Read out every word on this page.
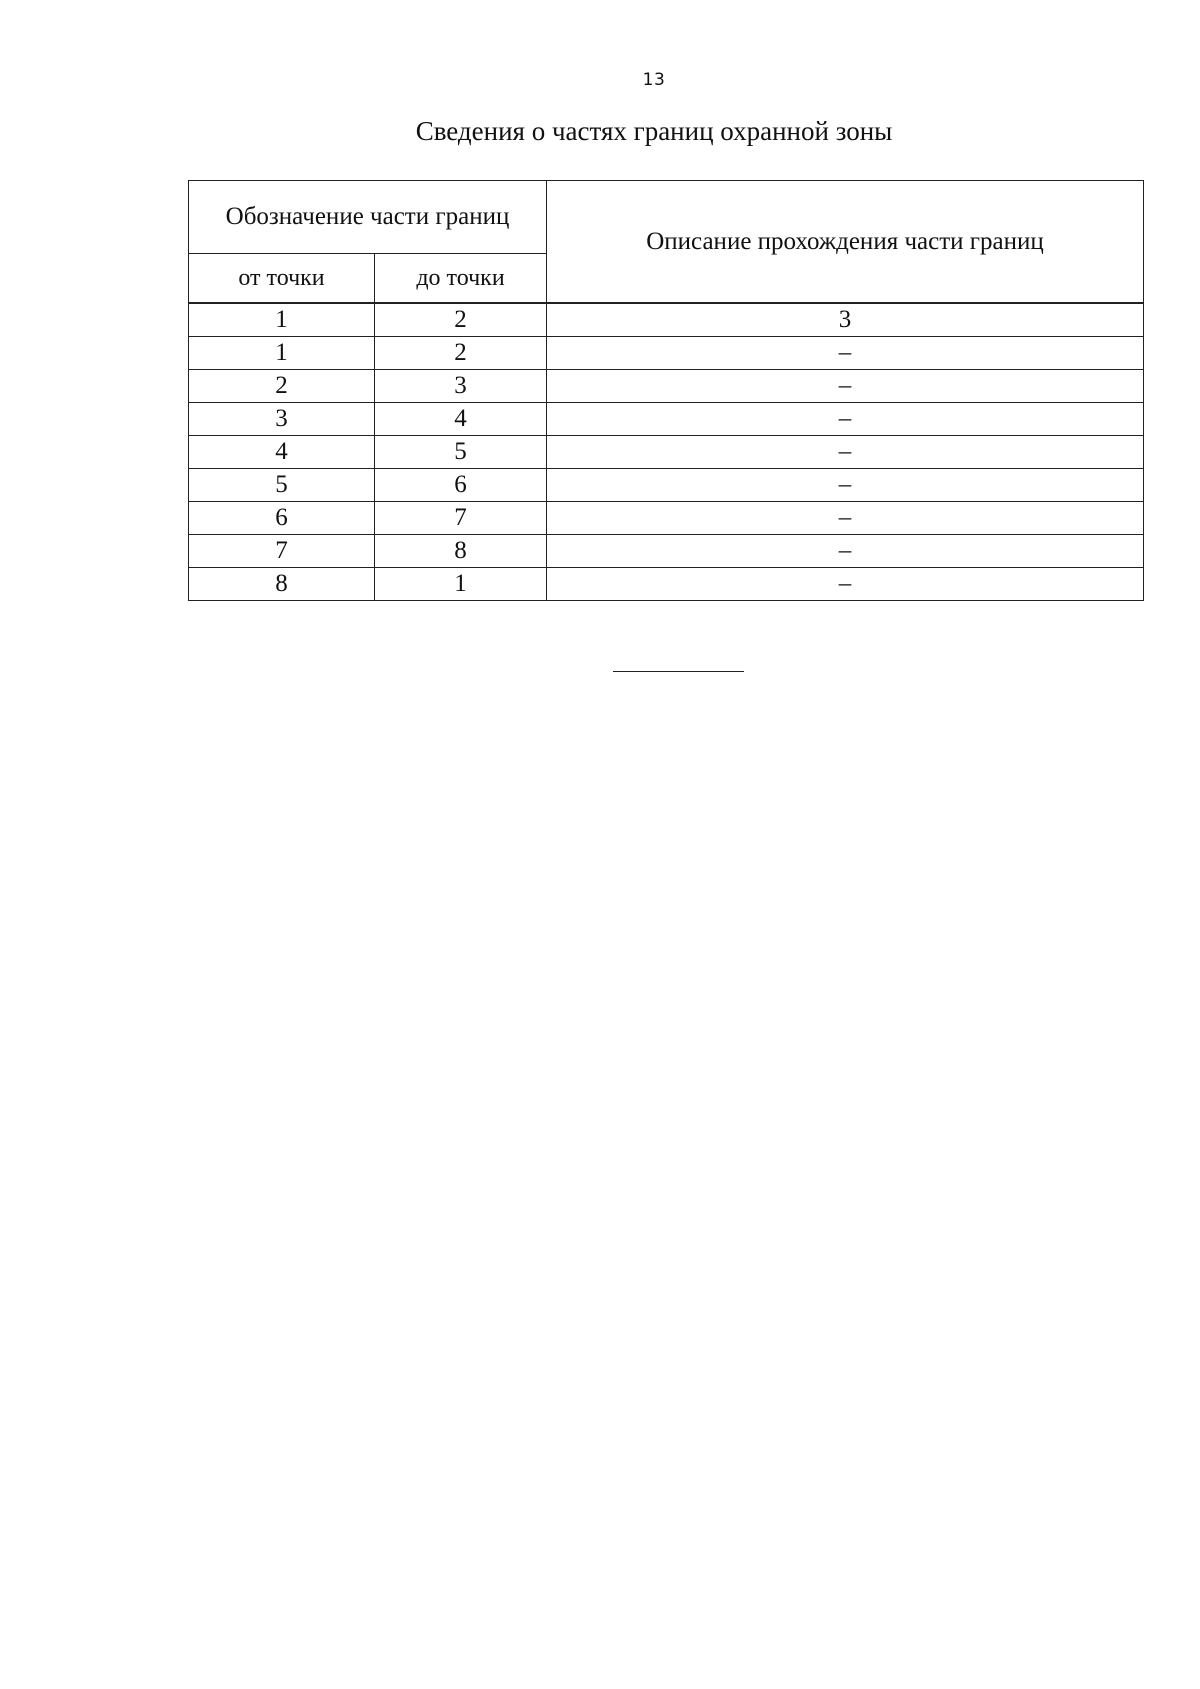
13
Сведения о частях границ охранной зоны
Обозначение части границ		Описание прохождения части границ
от точки	до точки	

1	2	3
1	2	–
2	3	–
3	4	–
4	5	–
5	6	–
6	7	–
7	8	–
8	1	–
